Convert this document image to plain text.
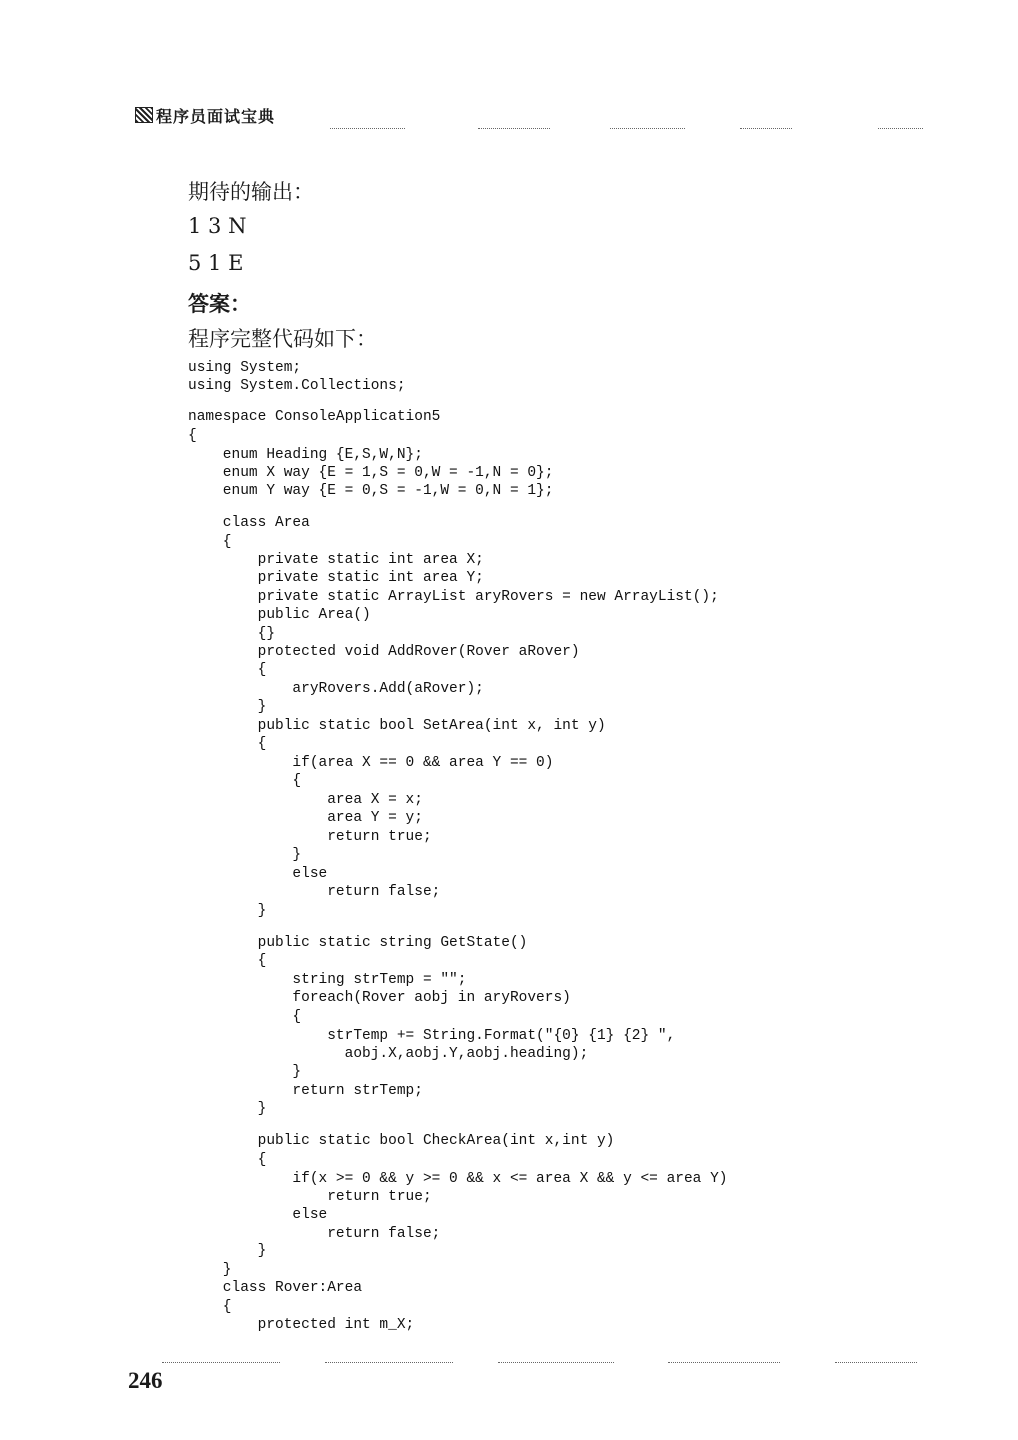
程序员面试宝典
期待的输出：
1 3 N
5 1 E
答案：
程序完整代码如下：
using System;
using System.Collections;
namespace ConsoleApplication5
{
enum Heading {E,S,W,N};
enum X way {E = 1,S = 0,W = -1,N = 0};
enum Y way {E = 0,S = -1,W = 0,N = 1};
class Area
{
private static int area X;
private static int area Y;
private static ArrayList aryRovers = new ArrayList();
public Area()
{}
protected void AddRover(Rover aRover)
{
aryRovers.Add(aRover);
}
public static bool SetArea(int x, int y)
{
if(area X == 0 && area Y == 0)
{
area X = x;
area Y = y;
return true;
}
else
return false;
}
public static string GetState()
{
string strTemp = "";
foreach(Rover aobj in aryRovers)
{
strTemp += String.Format("{0} {1} {2} ",
aobj.X,aobj.Y,aobj.heading);
}
return strTemp;
}
public static bool CheckArea(int x,int y)
{
if(x >= 0 && y >= 0 && x <= area X && y <= area Y)
return true;
else
return false;
}
}
class Rover:Area
{
protected int m_X;
246
